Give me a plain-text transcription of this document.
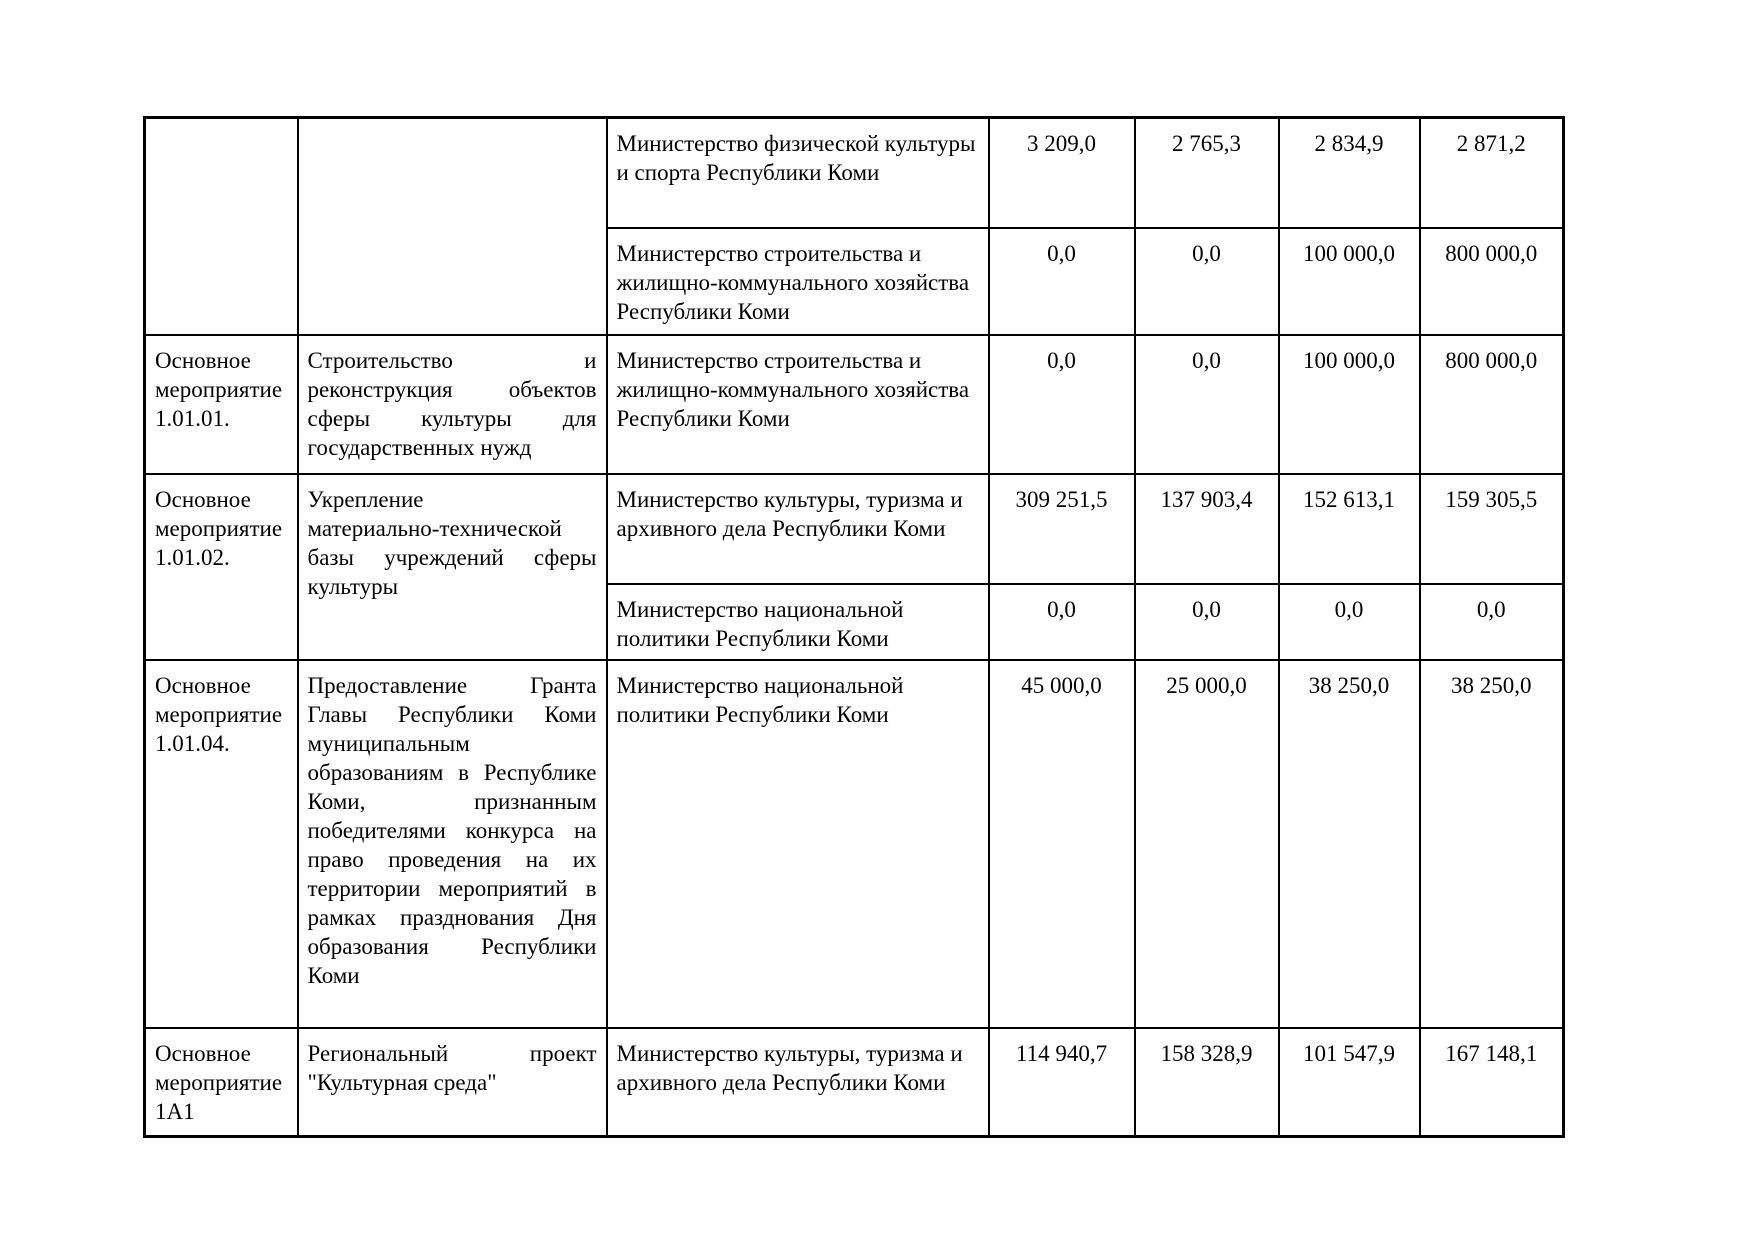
		Министерство физической культуры и спорта Республики Коми	3 209,0	2 765,3	2 834,9	2 871,2
		Министерство строительства и жилищно‑коммунального хозяйства Республики Коми	0,0	0,0	100 000,0	800 000,0
Основное мероприятие 1.01.01.	Строительство и реконструкция объектов сферы культуры для государственных нужд	Министерство строительства и жилищно‑коммунального хозяйства Республики Коми	0,0	0,0	100 000,0	800 000,0
Основное мероприятие 1.01.02.	Укрепление материально‑технической базы учреждений сферы культуры	Министерство культуры, туризма и архивного дела Республики Коми	309 251,5	137 903,4	152 613,1	159 305,5
		Министерство национальной политики Республики Коми	0,0	0,0	0,0	0,0
Основное мероприятие 1.01.04.	Предоставление Гранта Главы Республики Коми муниципальным образованиям в Республике Коми, признанным победителями конкурса на право проведения на их территории мероприятий в рамках празднования Дня образования Республики Коми	Министерство национальной политики Республики Коми	45 000,0	25 000,0	38 250,0	38 250,0
Основное мероприятие 1A1	Региональный проект "Культурная среда"	Министерство культуры, туризма и архивного дела Республики Коми	114 940,7	158 328,9	101 547,9	167 148,1
